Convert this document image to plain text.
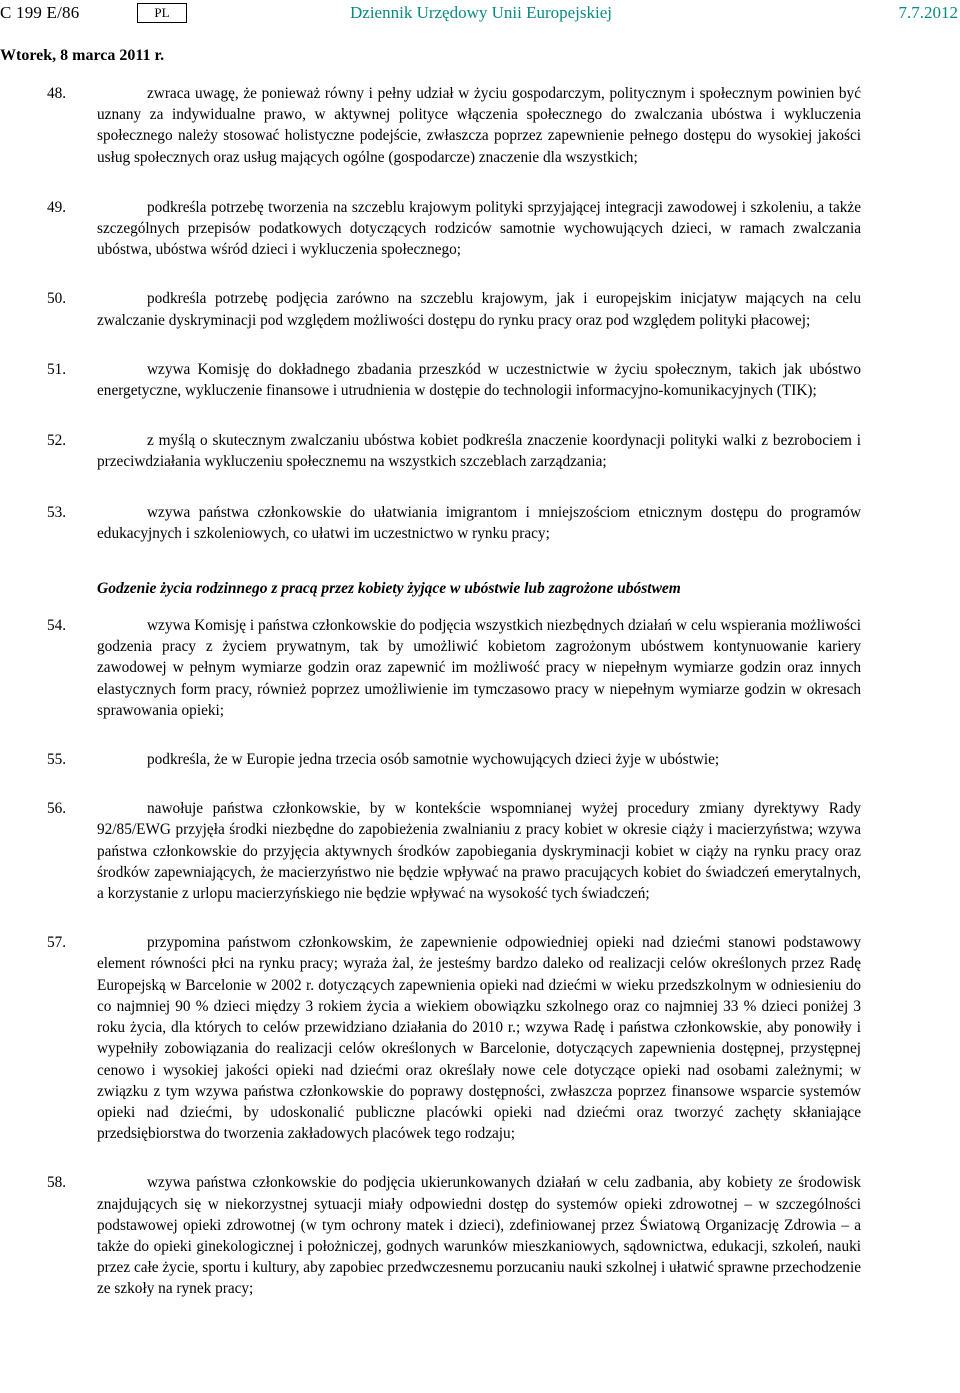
C 199 E/86	PL	Dziennik Urzędowy Unii Europejskiej	7.7.2012
Wtorek, 8 marca 2011 r.

48.	zwraca uwagę, że ponieważ równy i pełny udział w życiu gospodarczym, politycznym i społecznym powinien być uznany za indywidualne prawo, w aktywnej polityce włączenia społecznego do zwalczania ubóstwa i wykluczenia społecznego należy stosować holistyczne podejście, zwłaszcza poprzez zapewnienie pełnego dostępu do wysokiej jakości usług społecznych oraz usług mających ogólne (gospodarcze) znaczenie dla wszystkich;

49.	podkreśla potrzebę tworzenia na szczeblu krajowym polityki sprzyjającej integracji zawodowej i szkoleniu, a także szczególnych przepisów podatkowych dotyczących rodziców samotnie wychowujących dzieci, w ramach zwalczania ubóstwa, ubóstwa wśród dzieci i wykluczenia społecznego;

50.	podkreśla potrzebę podjęcia zarówno na szczeblu krajowym, jak i europejskim inicjatyw mających na celu zwalczanie dyskryminacji pod względem możliwości dostępu do rynku pracy oraz pod względem polityki płacowej;

51.	wzywa Komisję do dokładnego zbadania przeszkód w uczestnictwie w życiu społecznym, takich jak ubóstwo energetyczne, wykluczenie finansowe i utrudnienia w dostępie do technologii informacyjno-komunikacyjnych (TIK);

52.	z myślą o skutecznym zwalczaniu ubóstwa kobiet podkreśla znaczenie koordynacji polityki walki z bezrobociem i przeciwdziałania wykluczeniu społecznemu na wszystkich szczeblach zarządzania;

53.	wzywa państwa członkowskie do ułatwiania imigrantom i mniejszościom etnicznym dostępu do programów edukacyjnych i szkoleniowych, co ułatwi im uczestnictwo w rynku pracy;

Godzenie życia rodzinnego z pracą przez kobiety żyjące w ubóstwie lub zagrożone ubóstwem

54.	wzywa Komisję i państwa członkowskie do podjęcia wszystkich niezbędnych działań w celu wspierania możliwości godzenia pracy z życiem prywatnym, tak by umożliwić kobietom zagrożonym ubóstwem kontynuowanie kariery zawodowej w pełnym wymiarze godzin oraz zapewnić im możliwość pracy w niepełnym wymiarze godzin oraz innych elastycznych form pracy, również poprzez umożliwienie im tymczasowo pracy w niepełnym wymiarze godzin w okresach sprawowania opieki;

55.	podkreśla, że w Europie jedna trzecia osób samotnie wychowujących dzieci żyje w ubóstwie;

56.	nawołuje państwa członkowskie, by w kontekście wspomnianej wyżej procedury zmiany dyrektywy Rady 92/85/EWG przyjęła środki niezbędne do zapobieżenia zwalnianiu z pracy kobiet w okresie ciąży i macierzyństwa; wzywa państwa członkowskie do przyjęcia aktywnych środków zapobiegania dyskryminacji kobiet w ciąży na rynku pracy oraz środków zapewniających, że macierzyństwo nie będzie wpływać na prawo pracujących kobiet do świadczeń emerytalnych, a korzystanie z urlopu macierzyńskiego nie będzie wpływać na wysokość tych świadczeń;

57.	przypomina państwom członkowskim, że zapewnienie odpowiedniej opieki nad dziećmi stanowi podstawowy element równości płci na rynku pracy; wyraża żal, że jesteśmy bardzo daleko od realizacji celów określonych przez Radę Europejską w Barcelonie w 2002 r. dotyczących zapewnienia opieki nad dziećmi w wieku przedszkolnym w odniesieniu do co najmniej 90 % dzieci między 3 rokiem życia a wiekiem obowiązku szkolnego oraz co najmniej 33 % dzieci poniżej 3 roku życia, dla których to celów przewidziano działania do 2010 r.; wzywa Radę i państwa członkowskie, aby ponowiły i wypełniły zobowiązania do realizacji celów określonych w Barcelonie, dotyczących zapewnienia dostępnej, przystępnej cenowo i wysokiej jakości opieki nad dziećmi oraz określały nowe cele dotyczące opieki nad osobami zależnymi; w związku z tym wzywa państwa członkowskie do poprawy dostępności, zwłaszcza poprzez finansowe wsparcie systemów opieki nad dziećmi, by udoskonalić publiczne placówki opieki nad dziećmi oraz tworzyć zachęty skłaniające przedsiębiorstwa do tworzenia zakładowych placówek tego rodzaju;

58.	wzywa państwa członkowskie do podjęcia ukierunkowanych działań w celu zadbania, aby kobiety ze środowisk znajdujących się w niekorzystnej sytuacji miały odpowiedni dostęp do systemów opieki zdrowotnej – w szczególności podstawowej opieki zdrowotnej (w tym ochrony matek i dzieci), zdefiniowanej przez Światową Organizację Zdrowia – a także do opieki ginekologicznej i położniczej, godnych warunków mieszkaniowych, sądownictwa, edukacji, szkoleń, nauki przez całe życie, sportu i kultury, aby zapobiec przedwczesnemu porzucaniu nauki szkolnej i ułatwić sprawne przechodzenie ze szkoły na rynek pracy;
